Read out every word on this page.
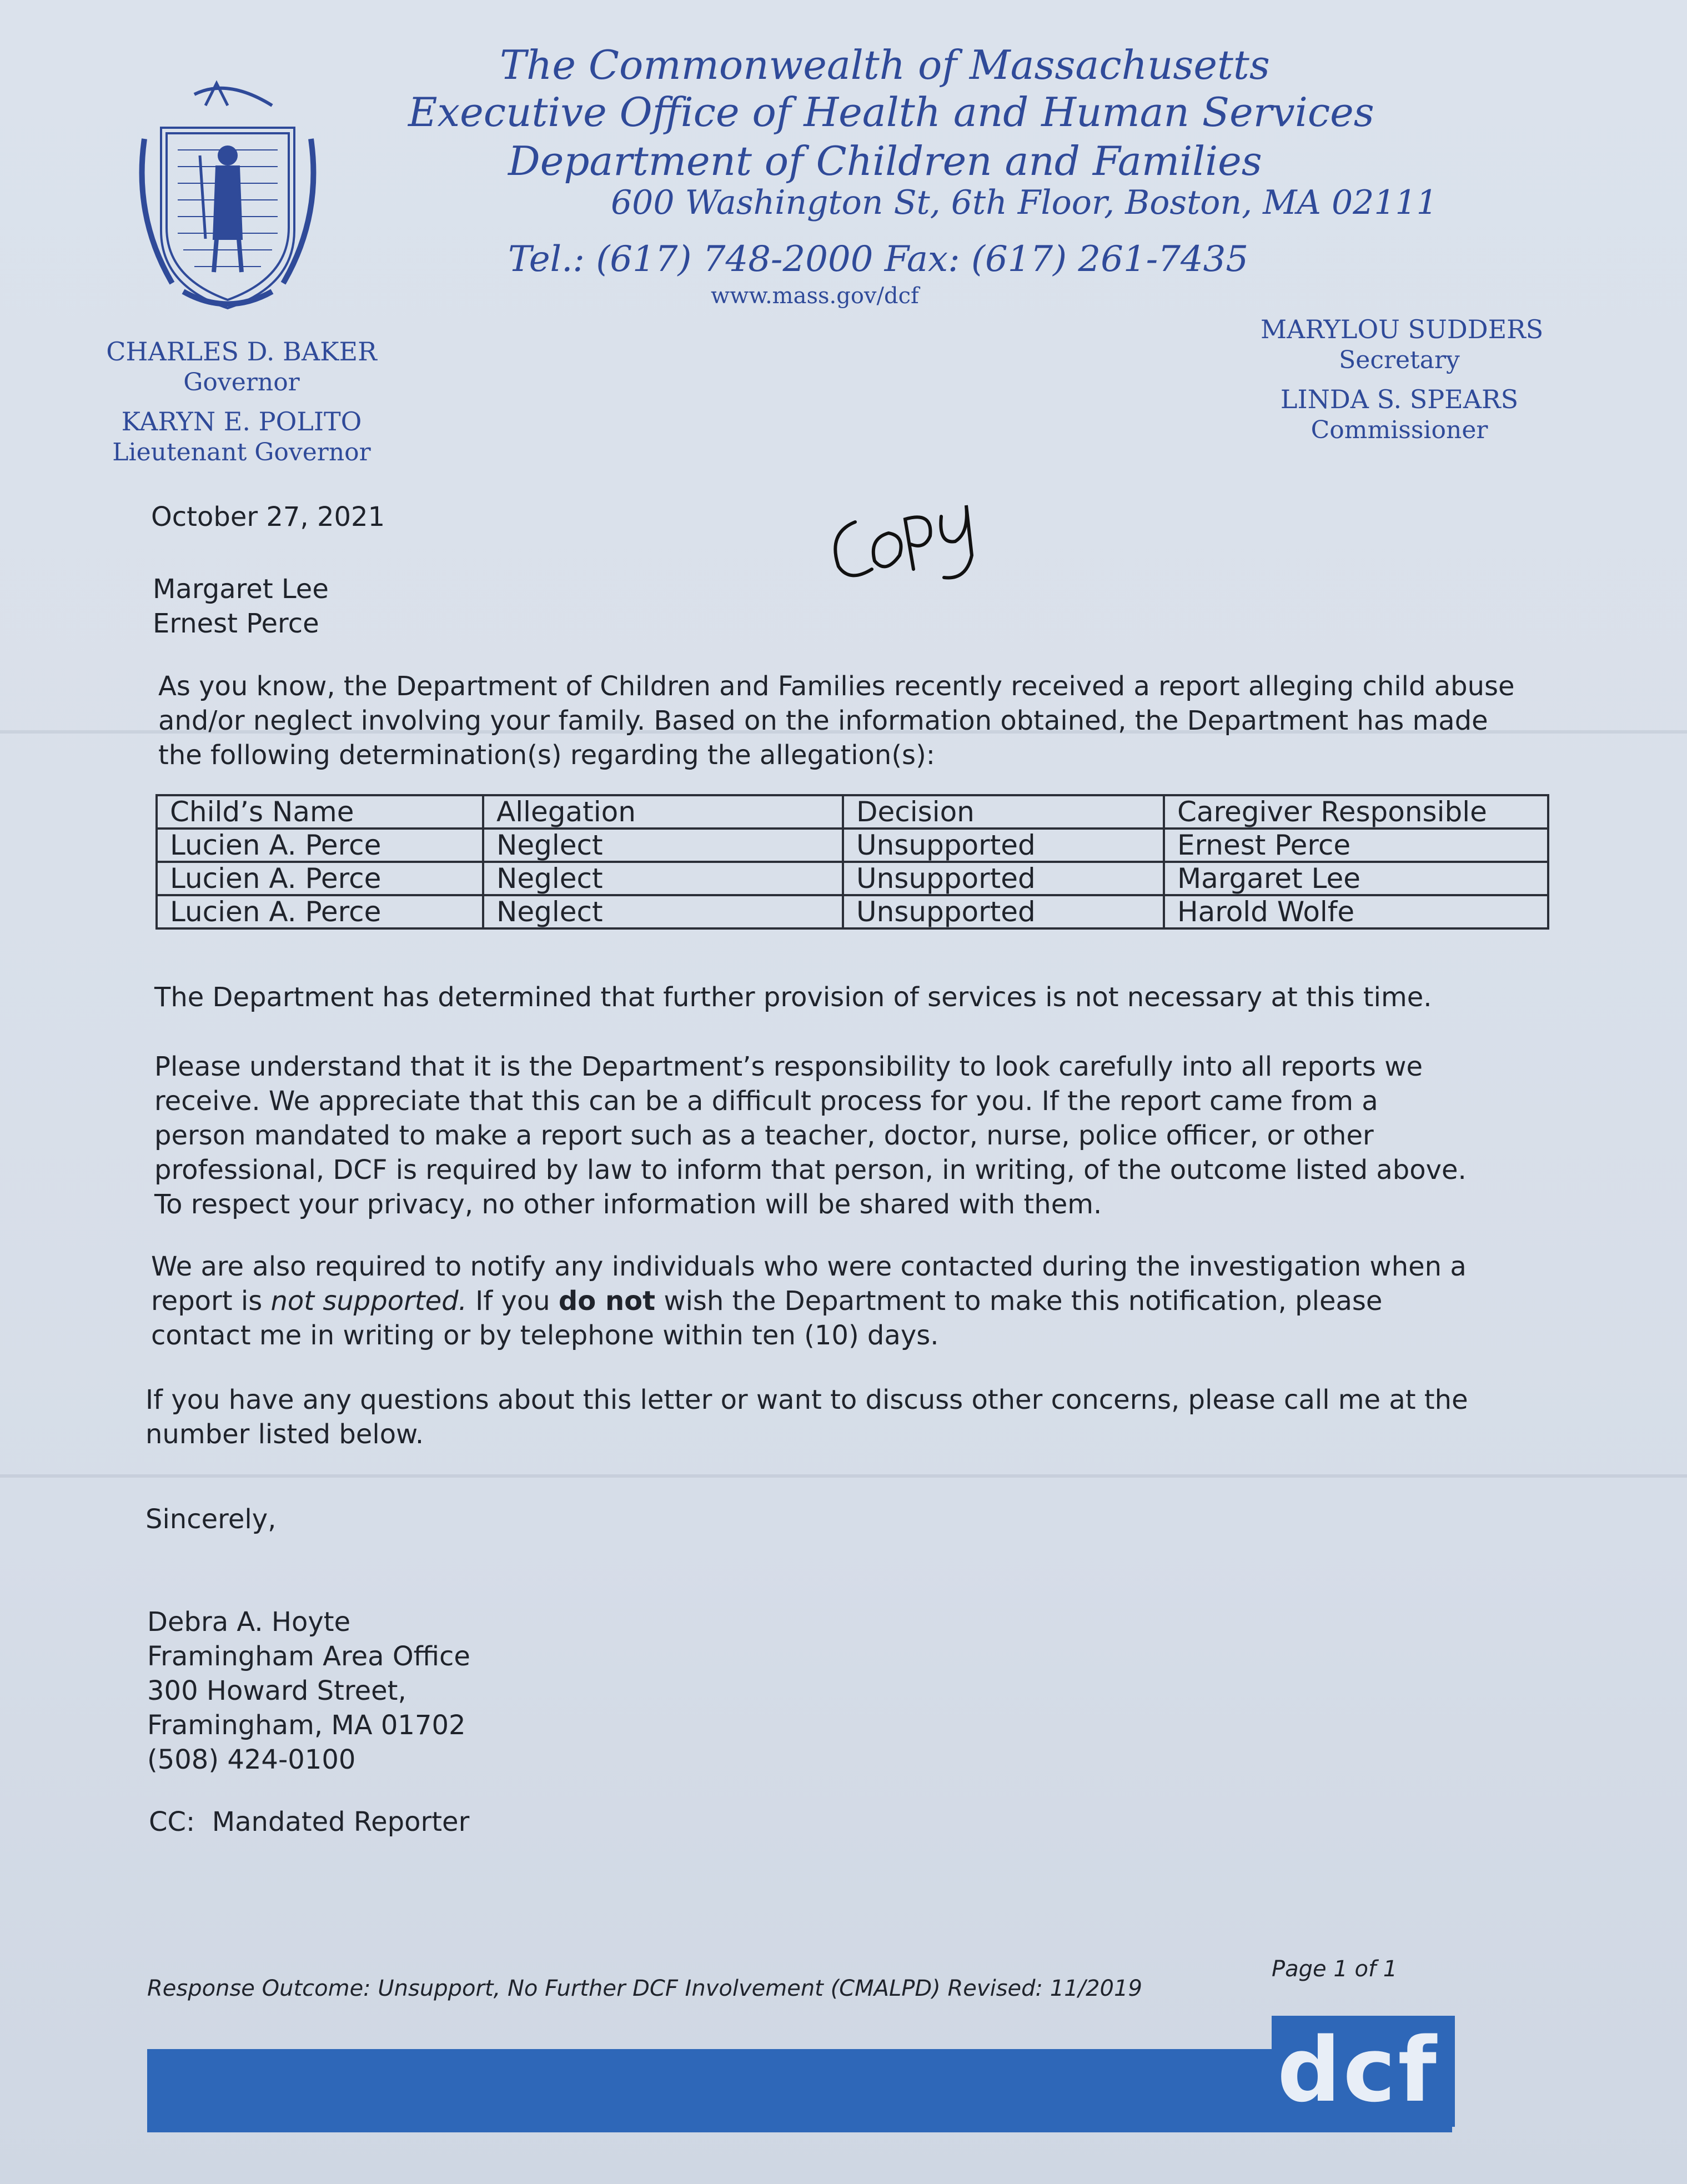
The Commonwealth of Massachusetts
Executive Office of Health and Human Services
Department of Children and Families
600 Washington St, 6th Floor, Boston, MA 02111
Tel.: (617) 748-2000 Fax: (617) 261-7435
www.mass.gov/dcf
CHARLES D. BAKER
Governor
KARYN E. POLITO
Lieutenant Governor
MARYLOU SUDDERS
Secretary
LINDA S. SPEARS
Commissioner
October 27, 2021
Margaret Lee
Ernest Perce
As you know, the Department of Children and Families recently received a report alleging child abuse
and/or neglect involving your family. Based on the information obtained, the Department has made
the following determination(s) regarding the allegation(s):
Child’s Name	Allegation	Decision	Caregiver Responsible
Lucien A. Perce	Neglect	Unsupported	Ernest Perce
Lucien A. Perce	Neglect	Unsupported	Margaret Lee
Lucien A. Perce	Neglect	Unsupported	Harold Wolfe
The Department has determined that further provision of services is not necessary at this time.
Please understand that it is the Department’s responsibility to look carefully into all reports we
receive. We appreciate that this can be a difficult process for you. If the report came from a
person mandated to make a report such as a teacher, doctor, nurse, police officer, or other
professional, DCF is required by law to inform that person, in writing, of the outcome listed above.
To respect your privacy, no other information will be shared with them.
We are also required to notify any individuals who were contacted during the investigation when a
report is not supported. If you do not wish the Department to make this notification, please
contact me in writing or by telephone within ten (10) days.
If you have any questions about this letter or want to discuss other concerns, please call me at the
number listed below.
Sincerely,
Debra A. Hoyte
Framingham Area Office
300 Howard Street,
Framingham, MA 01702
(508) 424-0100
CC:  Mandated Reporter
Response Outcome: Unsupport, No Further DCF Involvement (CMALPD) Revised: 11/2019
Page 1 of 1
dcf
